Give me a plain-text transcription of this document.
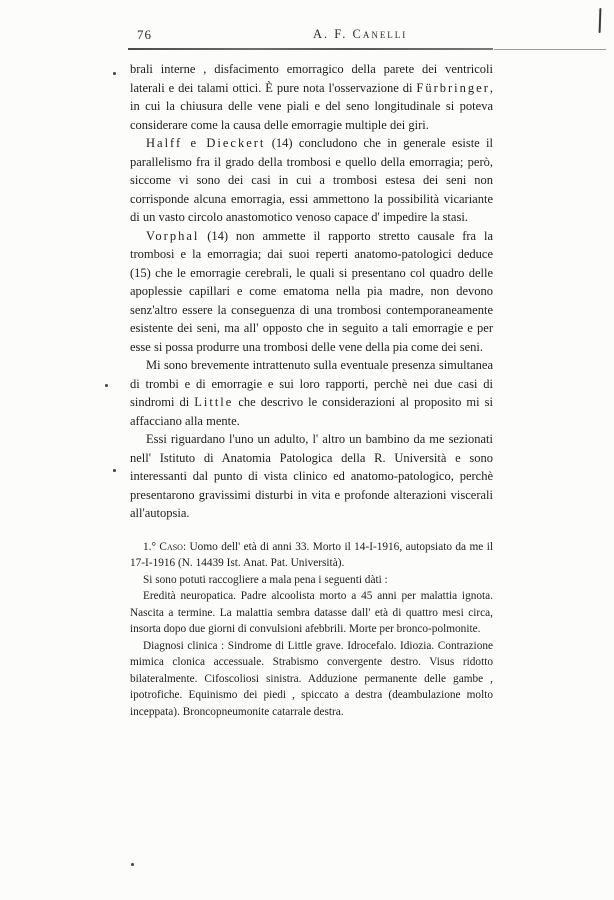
76	A. F. Canelli

brali interne , disfacimento emorragico della parete dei ventricoli laterali e dei talami ottici. È pure nota l'osservazione di Fürbringer, in cui la chiusura delle vene piali e del seno longitudinale si poteva considerare come la causa delle emorragie multiple dei giri.

Halff e Dieckert (14) concludono che in generale esiste il parallelismo fra il grado della trombosi e quello della emorragia; però, siccome vi sono dei casi in cui a trombosi estesa dei seni non corrisponde alcuna emorragia, essi ammettono la possibilità vicariante di un vasto circolo anastomotico venoso capace d' impedire la stasi.

Vorphal (14) non ammette il rapporto stretto causale fra la trombosi e la emorragia; dai suoi reperti anatomo-patologici deduce (15) che le emorragie cerebrali, le quali si presentano col quadro delle apoplessie capillari e come ematoma nella pia madre, non devono senz'altro essere la conseguenza di una trombosi contemporaneamente esistente dei seni, ma all' opposto che in seguito a tali emorragie e per esse si possa produrre una trombosi delle vene della pia come dei seni.

Mi sono brevemente intrattenuto sulla eventuale presenza simultanea di trombi e di emorragie e sui loro rapporti, perchè nei due casi di sindromi di Little che descrivo le considerazioni al proposito mi si affacciano alla mente.

Essi riguardano l'uno un adulto, l' altro un bambino da me sezionati nell' Istituto di Anatomia Patologica della R. Università e sono interessanti dal punto di vista clinico ed anatomo-patologico, perchè presentarono gravissimi disturbi in vita e profonde alterazioni viscerali all'autopsia.

1.° Caso: Uomo dell' età di anni 33. Morto il 14-I-1916, autopsiato da me il 17-I-1916 (N. 14439 Ist. Anat. Pat. Università).

Si sono potuti raccogliere a mala pena i seguenti dàti :

Eredità neuropatica. Padre alcoolista morto a 45 anni per malattia ignota. Nascita a termine. La malattia sembra datasse dall' età di quattro mesi circa, insorta dopo due giorni di convulsioni afebbrili. Morte per bronco-polmonite.

Diagnosi clinica : Sindrome di Little grave. Idrocefalo. Idiozia. Contrazione mimica clonica accessuale. Strabismo convergente destro. Visus ridotto bilateralmente. Cifoscoliosi sinistra. Adduzione permanente delle gambe , ipotrofiche. Equinismo dei piedi , spiccato a destra (deambulazione molto inceppata). Broncopneumonite catarrale destra.
